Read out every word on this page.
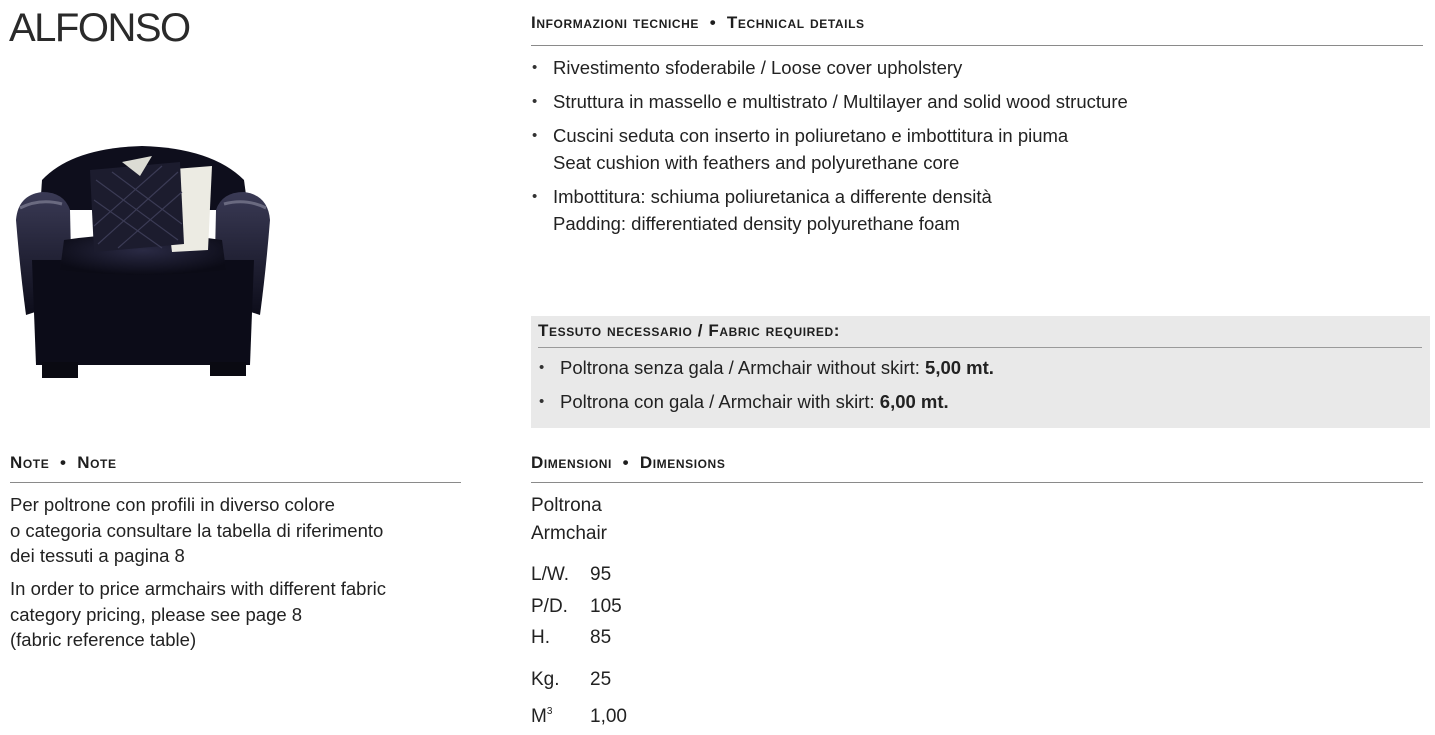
ALFONSO	Informazioni tecniche  •  Technical details
• Rivestimento sfoderabile / Loose cover upholstery
• Struttura in massello e multistrato / Multilayer and solid wood structure
• Cuscini seduta con inserto in poliuretano e imbottitura in piuma
Seat cushion with feathers and polyurethane core
• Imbottitura: schiuma poliuretanica a differente densità
Padding: differentiated density polyurethane foam
Tessuto necessario / Fabric required:
• Poltrona senza gala / Armchair without skirt: 5,00 mt.
• Poltrona con gala / Armchair with skirt: 6,00 mt.
Note  •  Note

Per poltrone con profili in diverso colore
o categoria consultare la tabella di riferimento
dei tessuti a pagina 8

In order to price armchairs with different fabric
category pricing, please see page 8
(fabric reference table)

Dimensioni  •  Dimensions
Poltrona
Armchair
L/W. 95
P/D. 105
H. 85
Kg. 25
$M^3$ 1,00
